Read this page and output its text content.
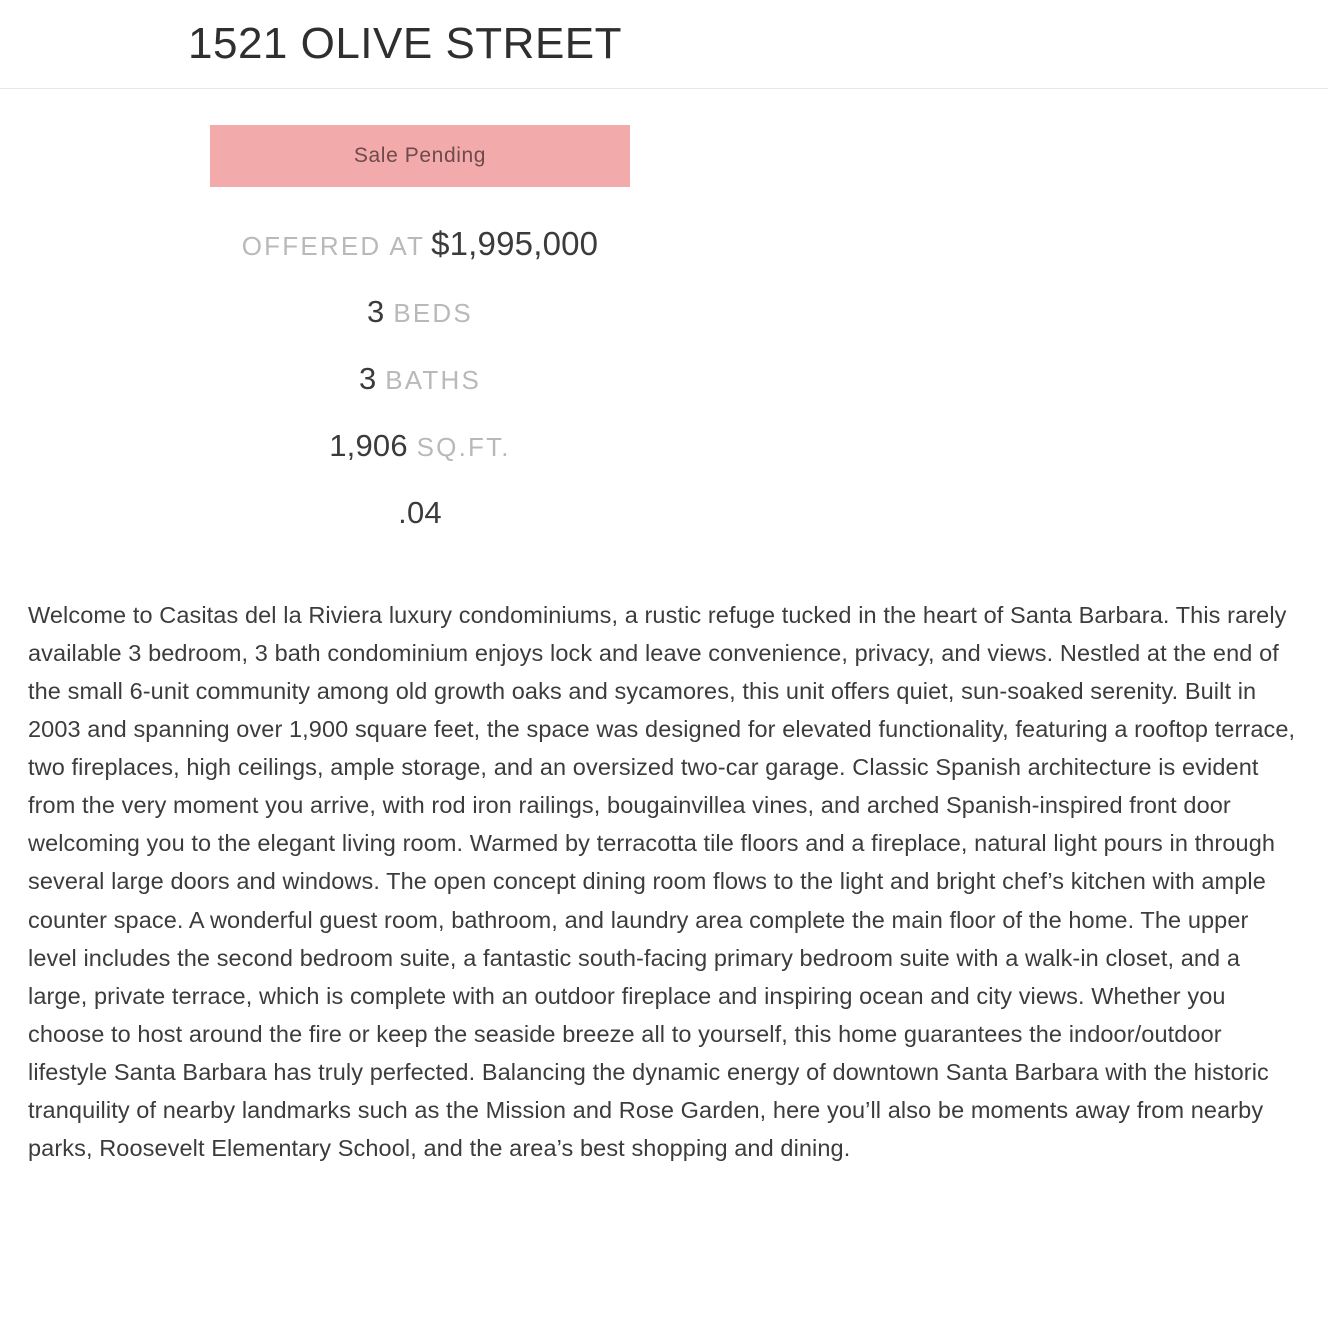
1521 OLIVE STREET
Sale Pending
OFFERED AT $1,995,000
3 BEDS
3 BATHS
1,906 SQ.FT.
.04

Welcome to Casitas del la Riviera luxury condominiums, a rustic refuge tucked in the heart of Santa Barbara. This rarely available 3 bedroom, 3 bath condominium enjoys lock and leave convenience, privacy, and views. Nestled at the end of the small 6-unit community among old growth oaks and sycamores, this unit offers quiet, sun-soaked serenity. Built in 2003 and spanning over 1,900 square feet, the space was designed for elevated functionality, featuring a rooftop terrace, two fireplaces, high ceilings, ample storage, and an oversized two-car garage. Classic Spanish architecture is evident from the very moment you arrive, with rod iron railings, bougainvillea vines, and arched Spanish-inspired front door welcoming you to the elegant living room. Warmed by terracotta tile floors and a fireplace, natural light pours in through several large doors and windows. The open concept dining room flows to the light and bright chef’s kitchen with ample counter space. A wonderful guest room, bathroom, and laundry area complete the main floor of the home. The upper level includes the second bedroom suite, a fantastic south-facing primary bedroom suite with a walk-in closet, and a large, private terrace, which is complete with an outdoor fireplace and inspiring ocean and city views. Whether you choose to host around the fire or keep the seaside breeze all to yourself, this home guarantees the indoor/outdoor lifestyle Santa Barbara has truly perfected. Balancing the dynamic energy of downtown Santa Barbara with the historic tranquility of nearby landmarks such as the Mission and Rose Garden, here you’ll also be moments away from nearby parks, Roosevelt Elementary School, and the area’s best shopping and dining.
